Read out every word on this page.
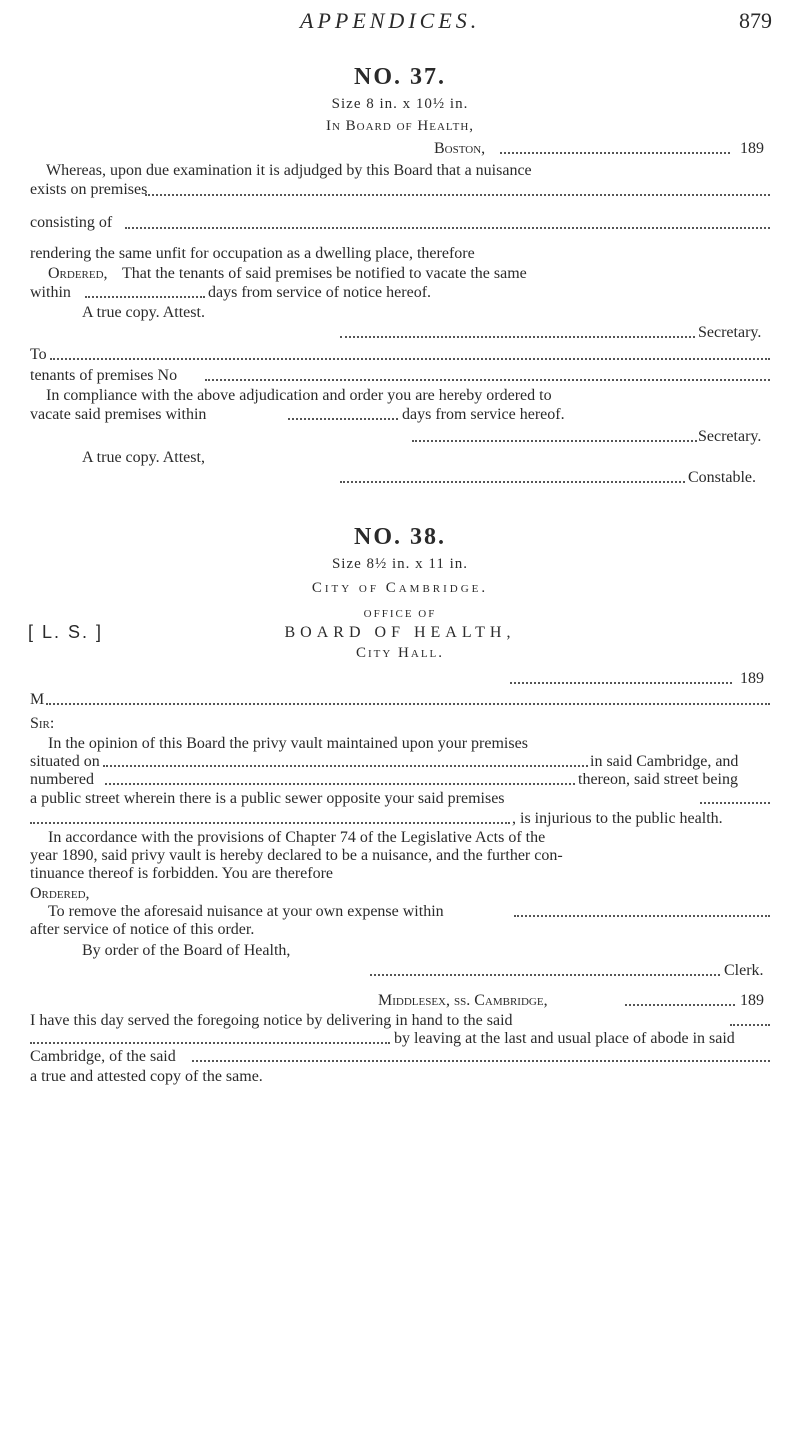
APPENDICES.	879
NO. 37.
Size 8 in. x 10½ in.
In Board of Health,
Boston,	189
Whereas, upon due examination it is adjudged by this Board that a nuisance
exists on premises
consisting of
rendering the same unfit for occupation as a dwelling place, therefore
Ordered, That the tenants of said premises be notified to vacate the same
within	days from service of notice hereof.
A true copy. Attest.
Secretary.
To
tenants of premises No
In compliance with the above adjudication and order you are hereby ordered to
vacate said premises within	days from service hereof.
Secretary.
A true copy. Attest,
Constable.
NO. 38.
Size 8½ in. x 11 in.
City of Cambridge.
OFFICE OF
[ L. S. ]	BOARD OF HEALTH,
City Hall.
189
M
Sir:
In the opinion of this Board the privy vault maintained upon your premises
situated on	in said Cambridge, and
numbered	thereon, said street being
a public street wherein there is a public sewer opposite your said premises
, is injurious to the public health.
In accordance with the provisions of Chapter 74 of the Legislative Acts of the
year 1890, said privy vault is hereby declared to be a nuisance, and the further con-
tinuance thereof is forbidden. You are therefore
Ordered,
To remove the aforesaid nuisance at your own expense within
after service of notice of this order.
By order of the Board of Health,
Clerk.
Middlesex, ss. Cambridge,	189
I have this day served the foregoing notice by delivering in hand to the said
by leaving at the last and usual place of abode in said
Cambridge, of the said
a true and attested copy of the same.
